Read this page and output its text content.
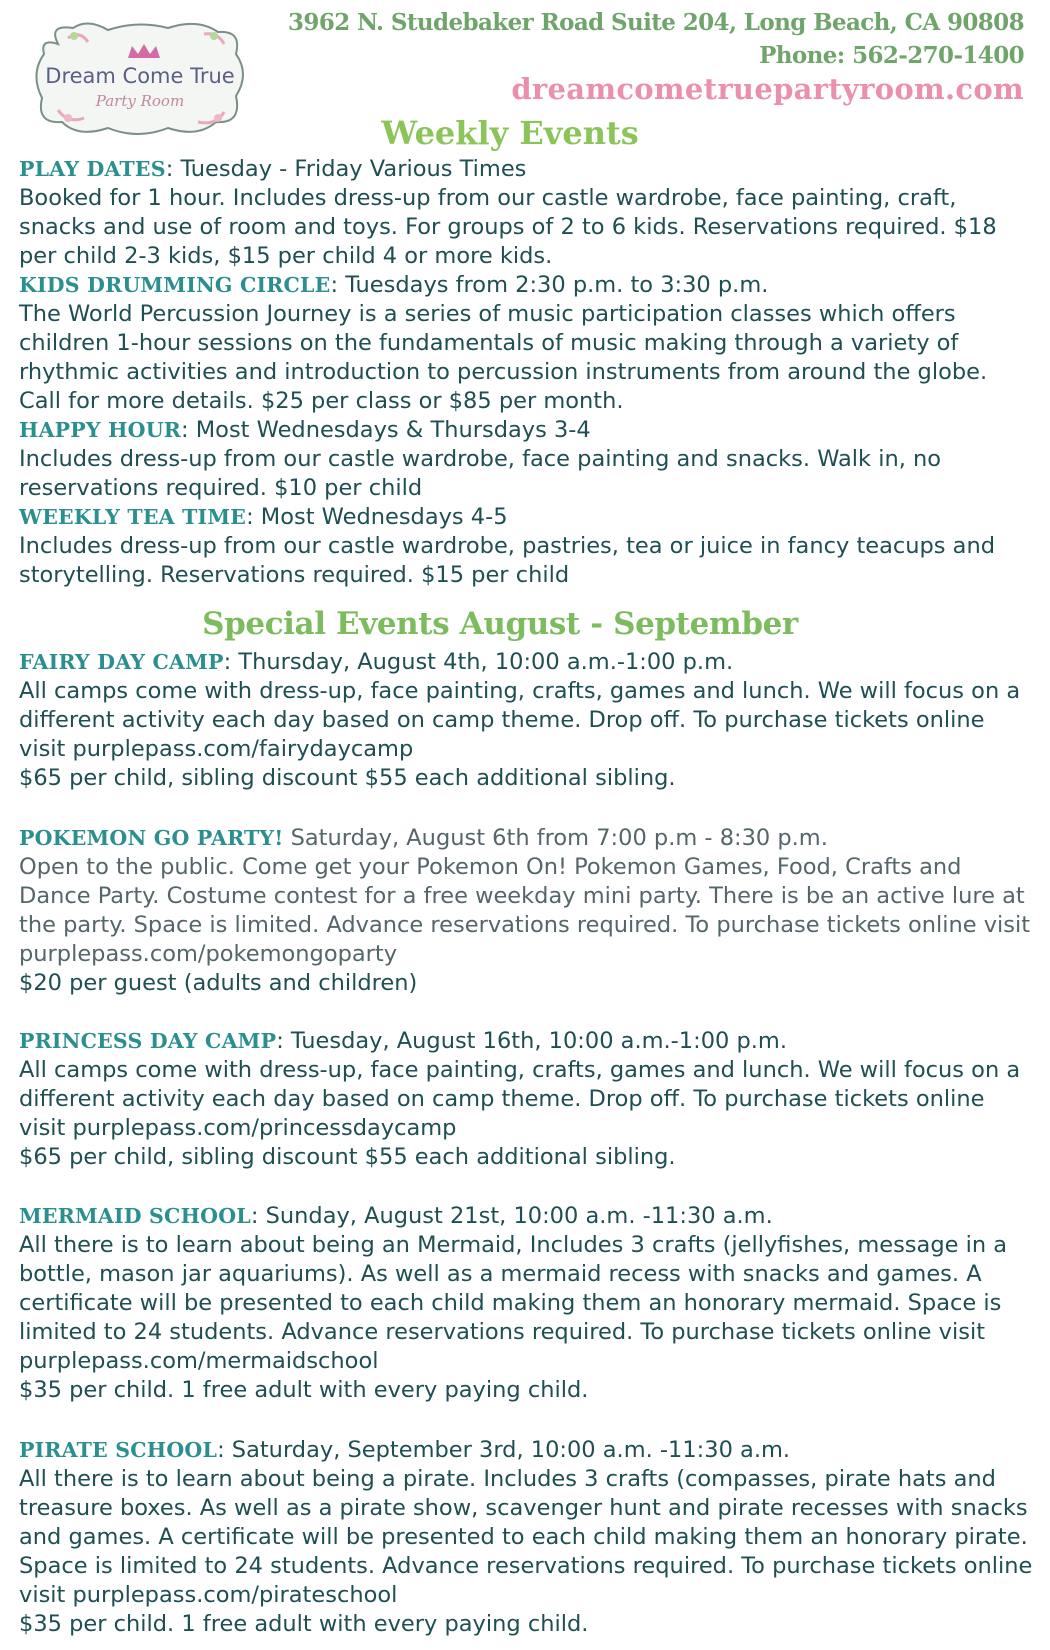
Dream Come True
Party Room
3962 N. Studebaker Road Suite 204, Long Beach, CA 90808
Phone: 562-270-1400
dreamcometruepartyroom.com
Weekly Events

PLAY DATES: Tuesday - Friday Various Times

Booked for 1 hour. Includes dress-up from our castle wardrobe, face painting, craft, snacks and use of room and toys. For groups of 2 to 6 kids. Reservations required. $18 per child 2-3 kids, $15 per child 4 or more kids.

KIDS DRUMMING CIRCLE: Tuesdays from 2:30 p.m. to 3:30 p.m.

The World Percussion Journey is a series of music participation classes which offers children 1-hour sessions on the fundamentals of music making through a variety of rhythmic activities and introduction to percussion instruments from around the globe. Call for more details. $25 per class or $85 per month.

HAPPY HOUR: Most Wednesdays & Thursdays 3-4

Includes dress-up from our castle wardrobe, face painting and snacks. Walk in, no reservations required. $10 per child

WEEKLY TEA TIME: Most Wednesdays 4-5

Includes dress-up from our castle wardrobe, pastries, tea or juice in fancy teacups and storytelling. Reservations required. $15 per child

Special Events August - September

FAIRY DAY CAMP: Thursday, August 4th, 10:00 a.m.-1:00 p.m.

All camps come with dress-up, face painting, crafts, games and lunch. We will focus on a different activity each day based on camp theme. Drop off. To purchase tickets online visit purplepass.com/fairydaycamp

$65 per child, sibling discount $55 each additional sibling.

POKEMON GO PARTY! Saturday, August 6th from 7:00 p.m - 8:30 p.m.

Open to the public. Come get your Pokemon On! Pokemon Games, Food, Crafts and Dance Party. Costume contest for a free weekday mini party. There is be an active lure at the party. Space is limited. Advance reservations required. To purchase tickets online visit purplepass.com/pokemongoparty

$20 per guest (adults and children)

PRINCESS DAY CAMP: Tuesday, August 16th, 10:00 a.m.-1:00 p.m.

All camps come with dress-up, face painting, crafts, games and lunch. We will focus on a different activity each day based on camp theme. Drop off. To purchase tickets online visit purplepass.com/princessdaycamp

$65 per child, sibling discount $55 each additional sibling.

MERMAID SCHOOL: Sunday, August 21st, 10:00 a.m. -11:30 a.m.

All there is to learn about being an Mermaid, Includes 3 crafts (jellyfishes, message in a bottle, mason jar aquariums). As well as a mermaid recess with snacks and games. A certificate will be presented to each child making them an honorary mermaid. Space is limited to 24 students. Advance reservations required. To purchase tickets online visit purplepass.com/mermaidschool

$35 per child. 1 free adult with every paying child.

PIRATE SCHOOL: Saturday, September 3rd, 10:00 a.m. -11:30 a.m.

All there is to learn about being a pirate. Includes 3 crafts (compasses, pirate hats and treasure boxes. As well as a pirate show, scavenger hunt and pirate recesses with snacks and games. A certificate will be presented to each child making them an honorary pirate. Space is limited to 24 students. Advance reservations required. To purchase tickets online visit purplepass.com/pirateschool

$35 per child. 1 free adult with every paying child.
